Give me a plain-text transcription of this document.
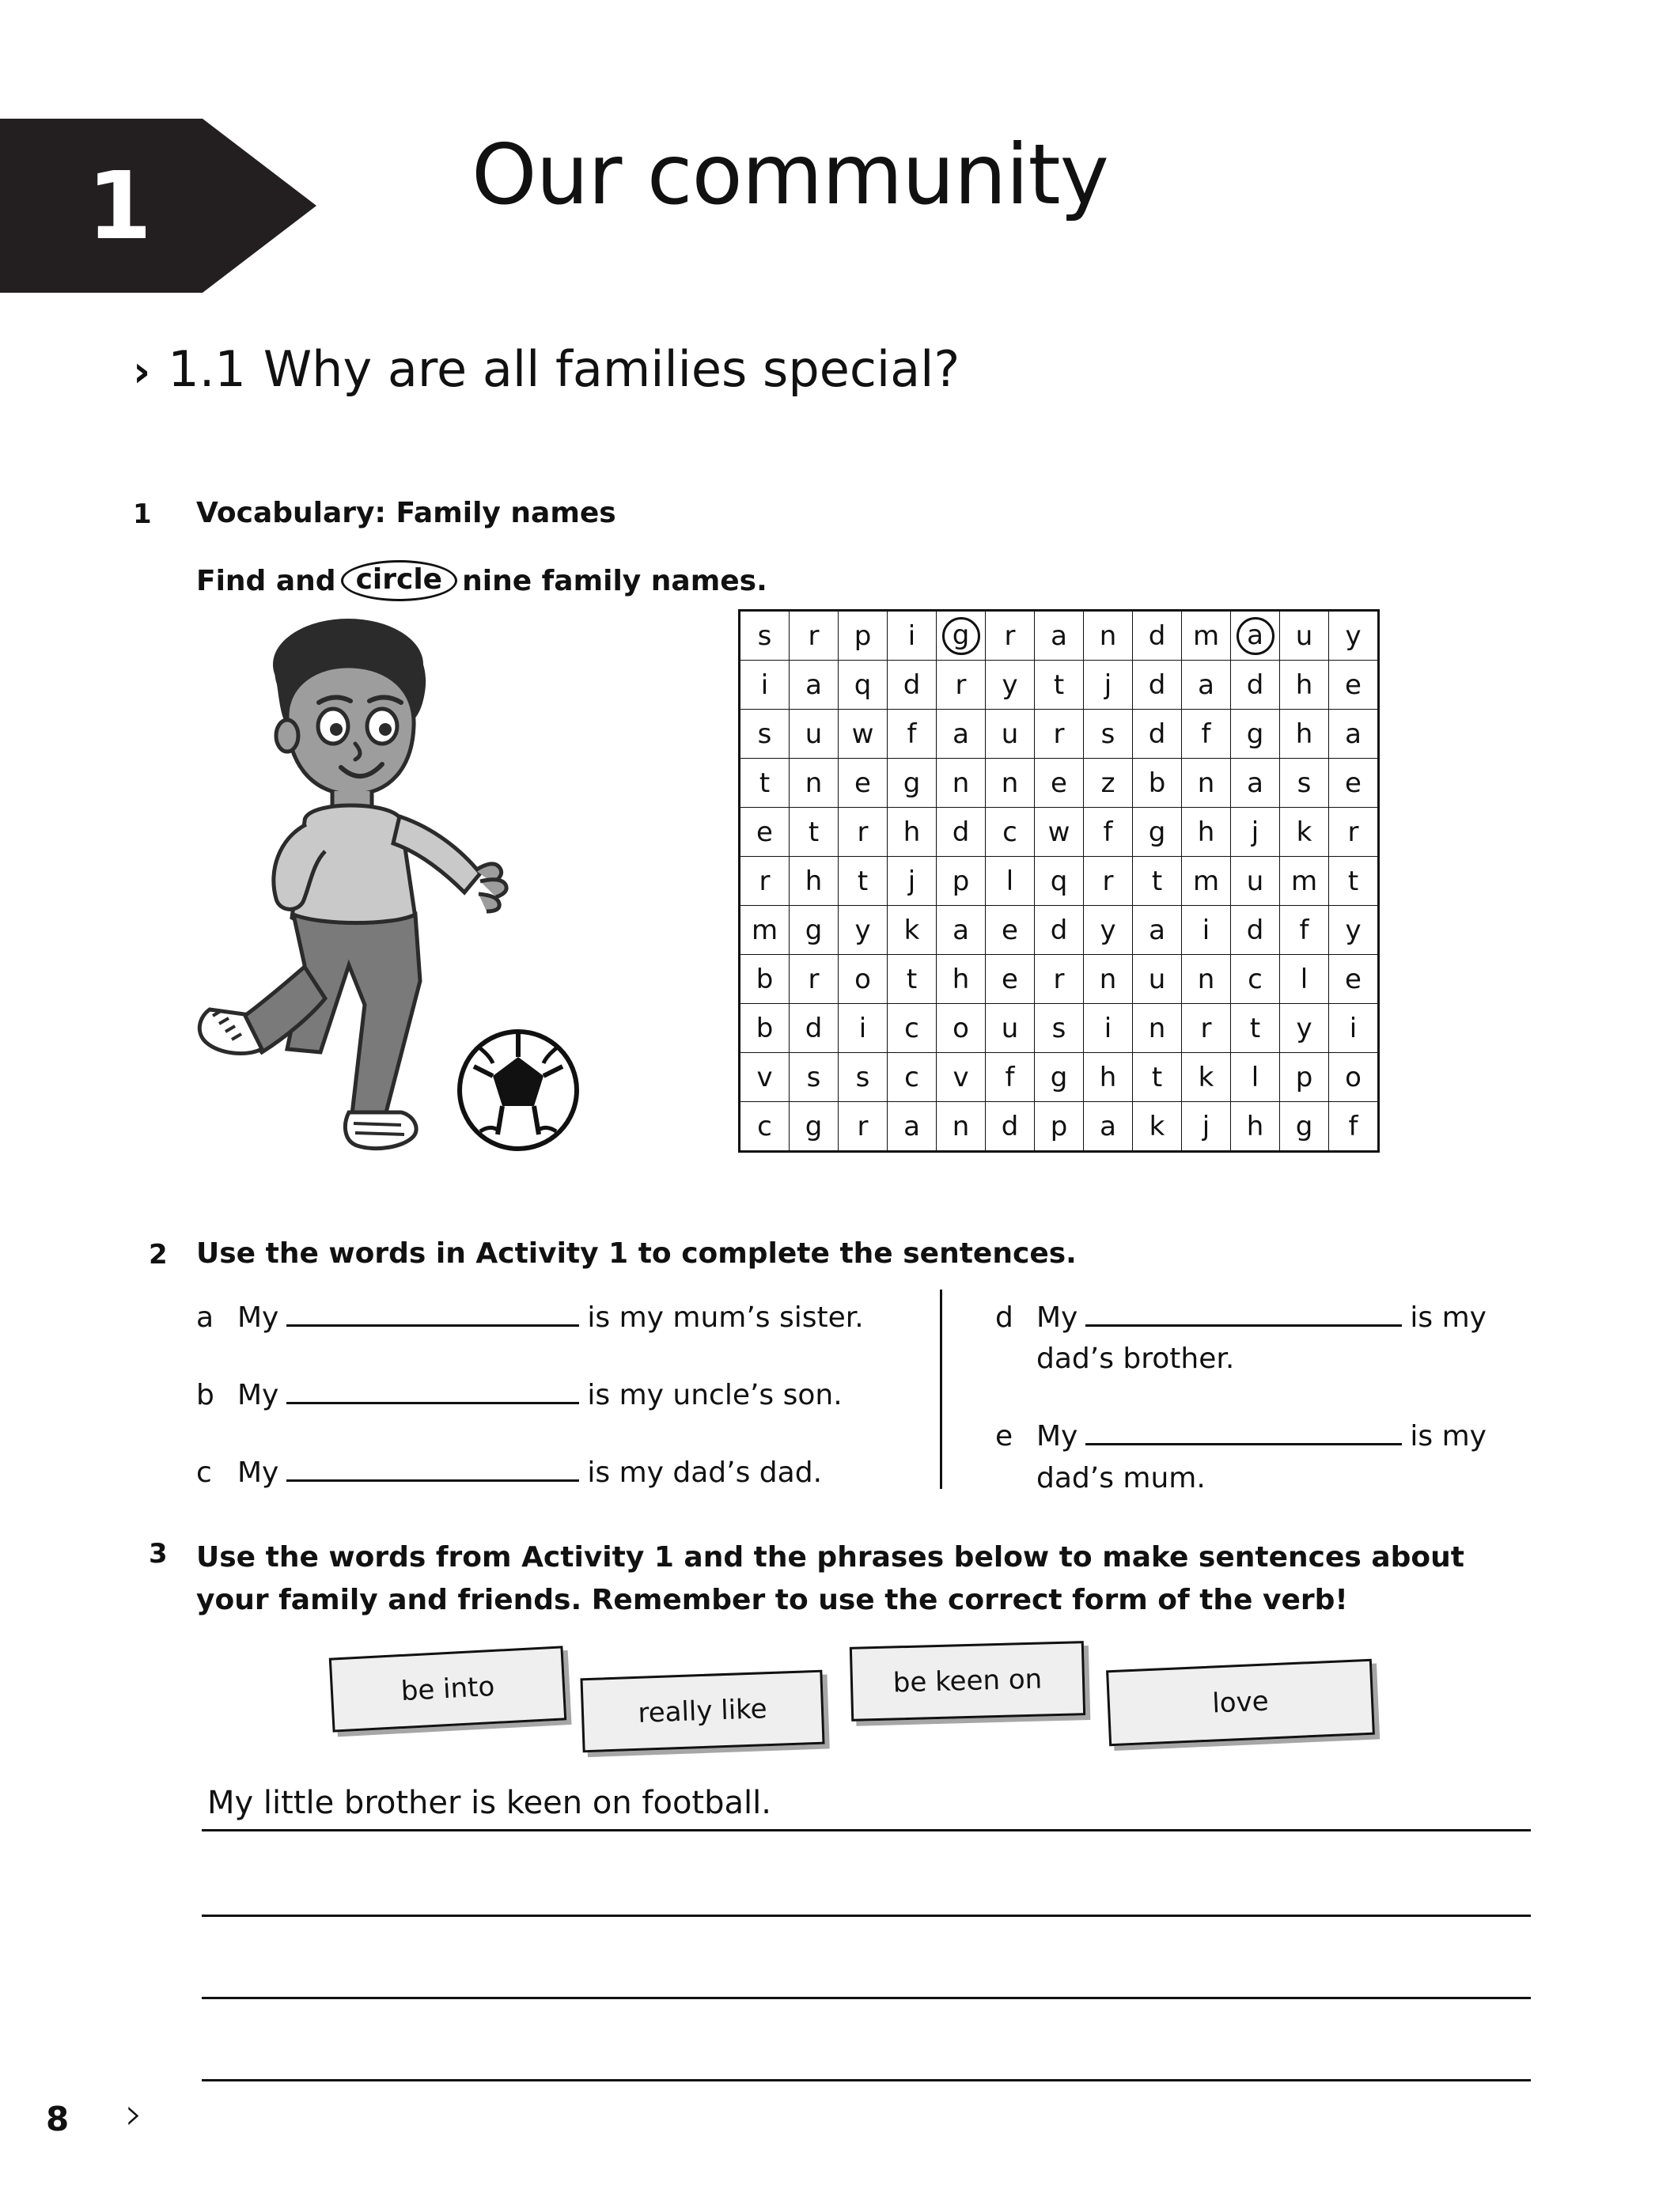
1	Our community
› 1.1 Why are all families special?
1 Vocabulary: Family names
Find and circle nine family names.
s	r	p	i	g	r	a	n	d	m	a	u	y
i	a	q	d	r	y	t	j	d	a	d	h	e
s	u	w	f	a	u	r	s	d	f	g	h	a
t	n	e	g	n	n	e	z	b	n	a	s	e
e	t	r	h	d	c	w	f	g	h	j	k	r
r	h	t	j	p	l	q	r	t	m	u	m	t
m	g	y	k	a	e	d	y	a	i	d	f	y
b	r	o	t	h	e	r	n	u	n	c	l	e
b	d	i	c	o	u	s	i	n	r	t	y	i
v	s	s	c	v	f	g	h	t	k	l	p	o
c	g	r	a	n	d	p	a	k	j	h	g	f
2 Use the words in Activity 1 to complete the sentences.
a My	is my mum’s sister.
b My	is my uncle’s son.
c My	is my dad’s dad.
d My	is my
dad’s brother.
e My	is my
dad’s mum.
3 Use the words from Activity 1 and the phrases below to make sentences about your family and friends. Remember to use the correct form of the verb!
be into
really like
be keen on
love
My little brother is keen on football.
8 ›
